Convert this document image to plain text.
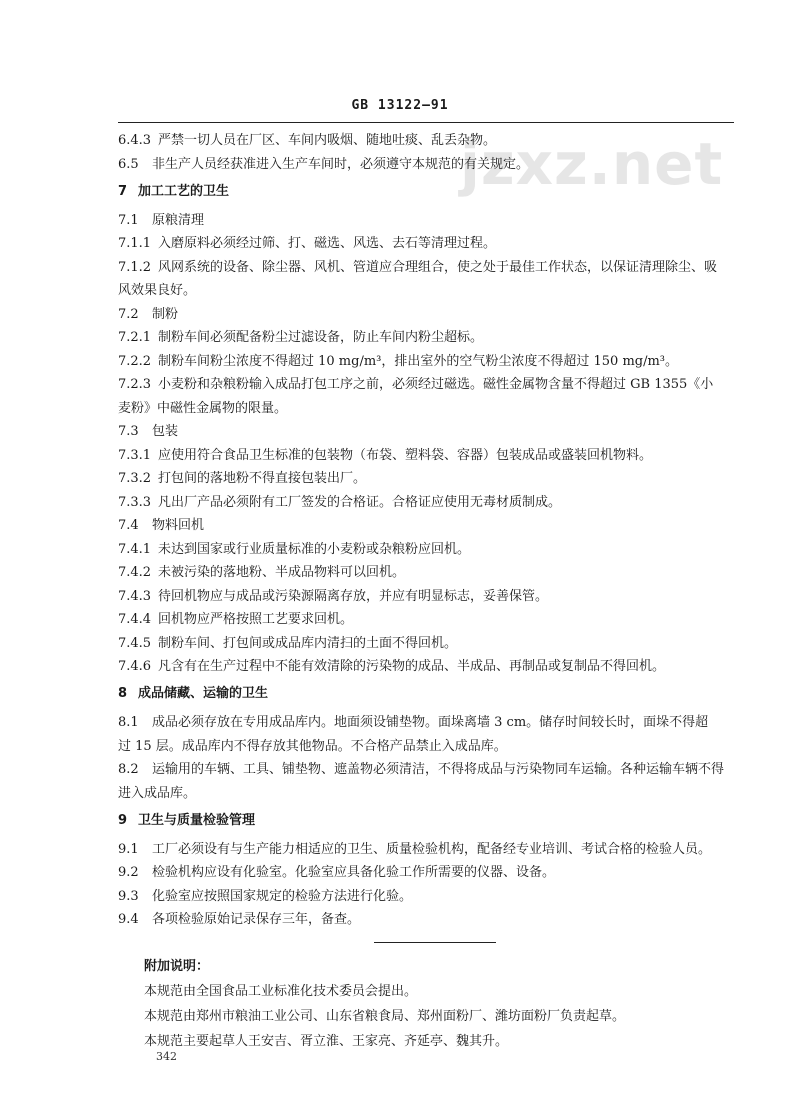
GB 13122—91
jzxz.net
6.4.3 严禁一切人员在厂区、车间内吸烟、随地吐痰、乱丢杂物。
6.5 非生产人员经获准进入生产车间时，必须遵守本规范的有关规定。
7 加工工艺的卫生
7.1 原粮清理
7.1.1 入磨原料必须经过筛、打、磁选、风选、去石等清理过程。
7.1.2 风网系统的设备、除尘器、风机、管道应合理组合，使之处于最佳工作状态，以保证清理除尘、吸
风效果良好。
7.2 制粉
7.2.1 制粉车间必须配备粉尘过滤设备，防止车间内粉尘超标。
7.2.2 制粉车间粉尘浓度不得超过 10 mg/m³，排出室外的空气粉尘浓度不得超过 150 mg/m³。
7.2.3 小麦粉和杂粮粉输入成品打包工序之前，必须经过磁选。磁性金属物含量不得超过 GB 1355《小
麦粉》中磁性金属物的限量。
7.3 包装
7.3.1 应使用符合食品卫生标准的包装物（布袋、塑料袋、容器）包装成品或盛装回机物料。
7.3.2 打包间的落地粉不得直接包装出厂。
7.3.3 凡出厂产品必须附有工厂签发的合格证。合格证应使用无毒材质制成。
7.4 物料回机
7.4.1 未达到国家或行业质量标准的小麦粉或杂粮粉应回机。
7.4.2 未被污染的落地粉、半成品物料可以回机。
7.4.3 待回机物应与成品或污染源隔离存放，并应有明显标志，妥善保管。
7.4.4 回机物应严格按照工艺要求回机。
7.4.5 制粉车间、打包间或成品库内清扫的土面不得回机。
7.4.6 凡含有在生产过程中不能有效清除的污染物的成品、半成品、再制品或复制品不得回机。
8 成品储藏、运输的卫生
8.1 成品必须存放在专用成品库内。地面须设铺垫物。面垛离墙 3 cm。储存时间较长时，面垛不得超
过 15 层。成品库内不得存放其他物品。不合格产品禁止入成品库。
8.2 运输用的车辆、工具、铺垫物、遮盖物必须清洁，不得将成品与污染物同车运输。各种运输车辆不得
进入成品库。
9 卫生与质量检验管理
9.1 工厂必须设有与生产能力相适应的卫生、质量检验机构，配备经专业培训、考试合格的检验人员。
9.2 检验机构应设有化验室。化验室应具备化验工作所需要的仪器、设备。
9.3 化验室应按照国家规定的检验方法进行化验。
9.4 各项检验原始记录保存三年，备查。
附加说明：
本规范由全国食品工业标准化技术委员会提出。
本规范由郑州市粮油工业公司、山东省粮食局、郑州面粉厂、潍坊面粉厂负责起草。
本规范主要起草人王安吉、胥立淮、王家亮、齐延亭、魏其升。
342
